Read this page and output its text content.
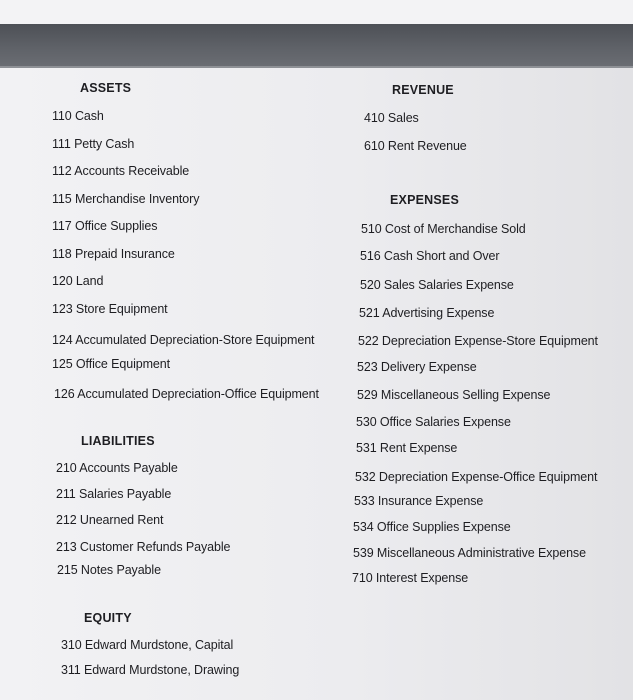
ASSETS
110 Cash
111 Petty Cash
112 Accounts Receivable
115 Merchandise Inventory
117 Office Supplies
118 Prepaid Insurance
120 Land
123 Store Equipment
124 Accumulated Depreciation-Store Equipment
125 Office Equipment
126 Accumulated Depreciation-Office Equipment
LIABILITIES
210 Accounts Payable
211 Salaries Payable
212 Unearned Rent
213 Customer Refunds Payable
215 Notes Payable
EQUITY
310 Edward Murdstone, Capital
311 Edward Murdstone, Drawing
REVENUE
410 Sales
610 Rent Revenue
EXPENSES
510 Cost of Merchandise Sold
516 Cash Short and Over
520 Sales Salaries Expense
521 Advertising Expense
522 Depreciation Expense-Store Equipment
523 Delivery Expense
529 Miscellaneous Selling Expense
530 Office Salaries Expense
531 Rent Expense
532 Depreciation Expense-Office Equipment
533 Insurance Expense
534 Office Supplies Expense
539 Miscellaneous Administrative Expense
710 Interest Expense
